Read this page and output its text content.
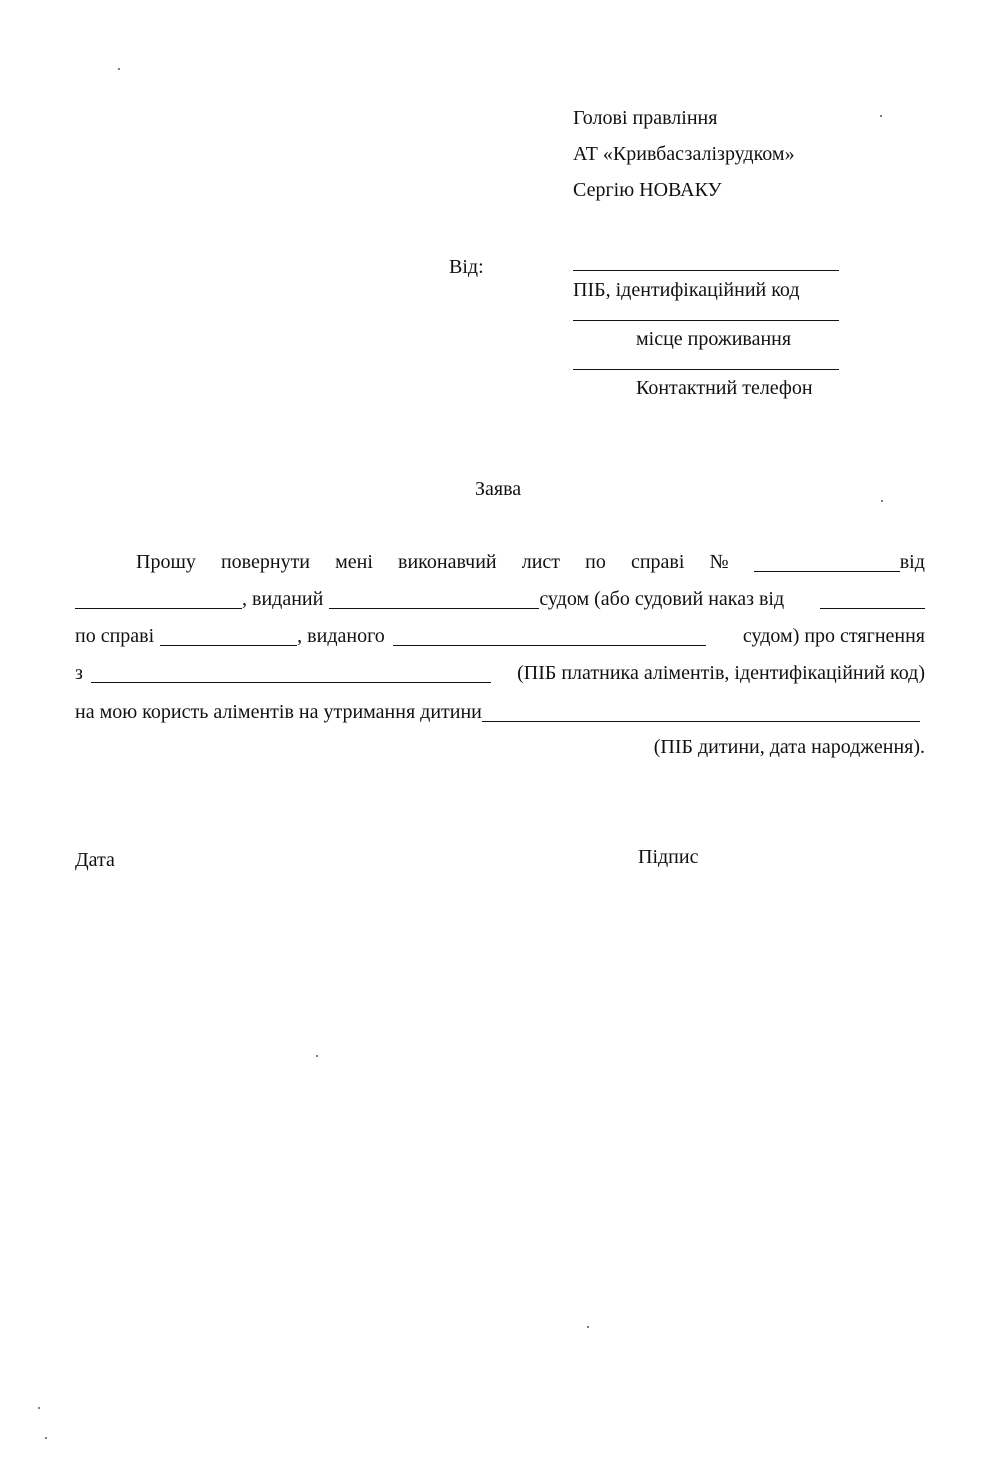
Голові правління
АТ «Кривбасзалізрудком»
Сергію НОВАКУ
Від:
ПІБ, ідентифікаційний код
місце проживання
Контактний телефон
Заява
Прошу повернути мені виконавчий лист по справі №	від
, виданий	судом (або судовий наказ від
по справі	, виданого	судом) про стягнення
з	(ПІБ платника аліментів, ідентифікаційний код)
на мою користь аліментів на утримання дитини
(ПІБ дитини, дата народження).
Дата	Підпис
